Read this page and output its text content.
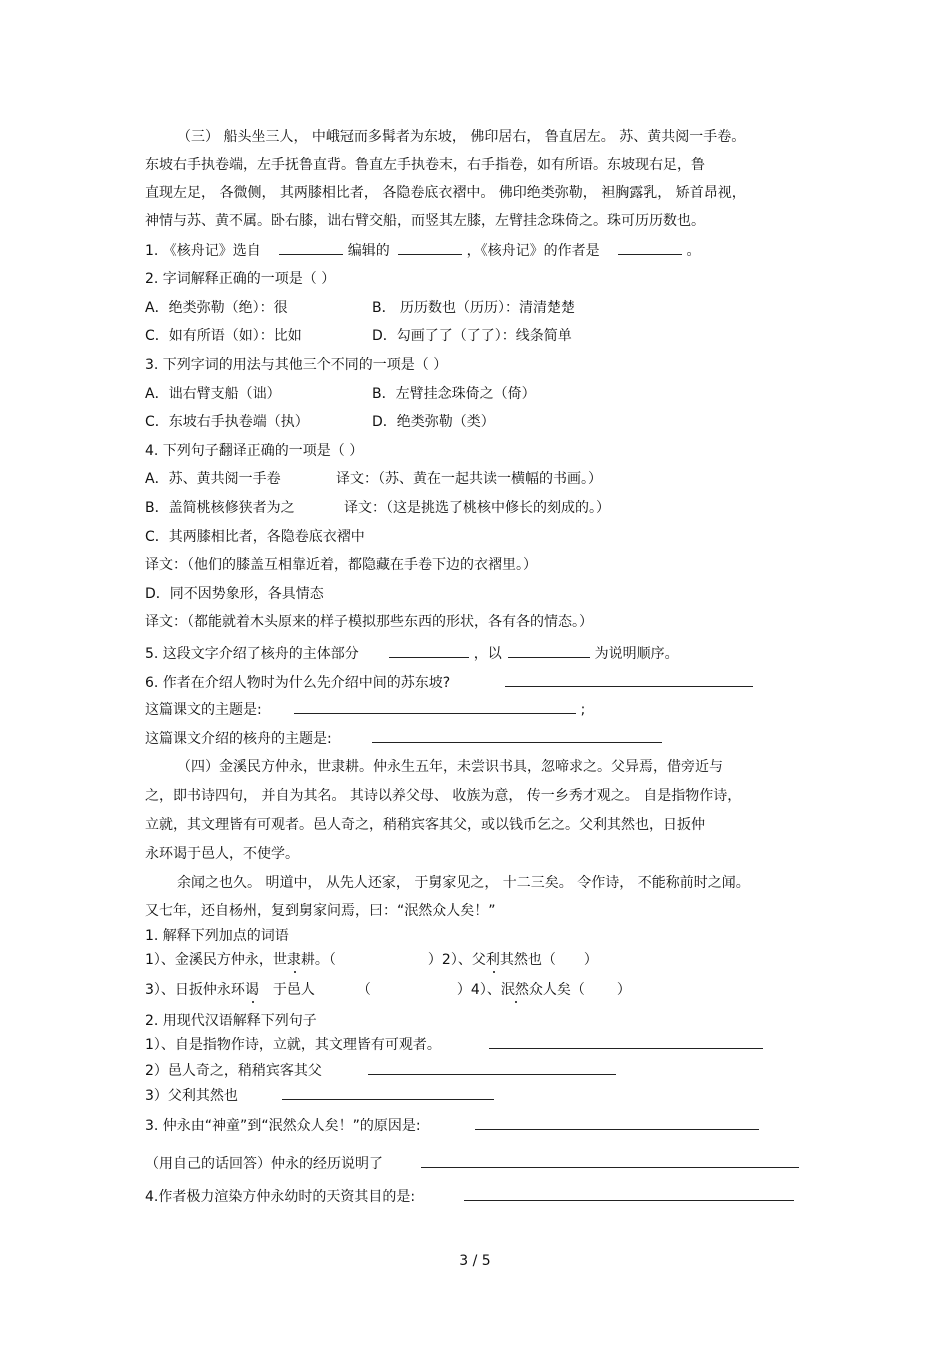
（三） 船头坐三人， 中峨冠而多髯者为东坡， 佛印居右， 鲁直居左。 苏、黄共阅一手卷。
东坡右手执卷端，左手抚鲁直背。鲁直左手执卷末，右手指卷，如有所语。东坡现右足，鲁
直现左足， 各微侧， 其两膝相比者， 各隐卷底衣褶中。 佛印绝类弥勒， 袒胸露乳， 矫首昂视，
神情与苏、黄不属。卧右膝，诎右臂交船，而竖其左膝，左臂挂念珠倚之。珠可历历数也。
1. 《核舟记》选自	编辑的	，《核舟记》的作者是	。
2. 字词解释正确的一项是（ ）
A．绝类弥勒（绝）：很	B． 历历数也（历历）：清清楚楚
C．如有所语（如）：比如	D．勾画了了（了了）：线条简单
3. 下列字词的用法与其他三个不同的一项是（ ）
A．诎右臂支船（诎）	B．左臂挂念珠倚之（倚）
C．东坡右手执卷端（执）	D．绝类弥勒（类）
4. 下列句子翻译正确的一项是（ ）
A．苏、黄共阅一手卷	译文：（苏、黄在一起共读一横幅的书画。）
B．盖简桃核修狭者为之	译文：（这是挑选了桃核中修长的刻成的。）
C．其两膝相比者，各隐卷底衣褶中
译文：（他们的膝盖互相靠近着，都隐藏在手卷下边的衣褶里。）
D．同不因势象形，各具情态
译文：（都能就着木头原来的样子模拟那些东西的形状，各有各的情态。）
5. 这段文字介绍了核舟的主体部分	，以	为说明顺序。
6. 作者在介绍人物时为什么先介绍中间的苏东坡?
这篇课文的主题是:	;
这篇课文介绍的核舟的主题是:
（四）金溪民方仲永，世隶耕。仲永生五年，未尝识书具，忽啼求之。父异焉，借旁近与
之，即书诗四句， 并自为其名。 其诗以养父母、 收族为意， 传一乡秀才观之。 自是指物作诗，
立就，其文理皆有可观者。邑人奇之，稍稍宾客其父，或以钱币乞之。父利其然也，日扳仲
永环谒于邑人，不使学。
余闻之也久。 明道中， 从先人还家， 于舅家见之， 十二三矣。 令作诗， 不能称前时之闻。
又七年，还自杨州，复到舅家问焉，曰：“泯然众人矣！”
1. 解释下列加点的词语
1）、金溪民方仲永，世隶耕。（	）2）、父利其然也（ ）
3）、日扳仲永环谒 于邑人	（	）4）、泯然众人矣（ ）
2. 用现代汉语解释下列句子
1）、自是指物作诗，立就，其文理皆有可观者。
2）邑人奇之，稍稍宾客其父
3）父利其然也
3. 仲永由“神童”到“泯然众人矣！”的原因是:
（用自己的话回答）仲永的经历说明了
4.作者极力渲染方仲永幼时的天资其目的是:
3 / 5
